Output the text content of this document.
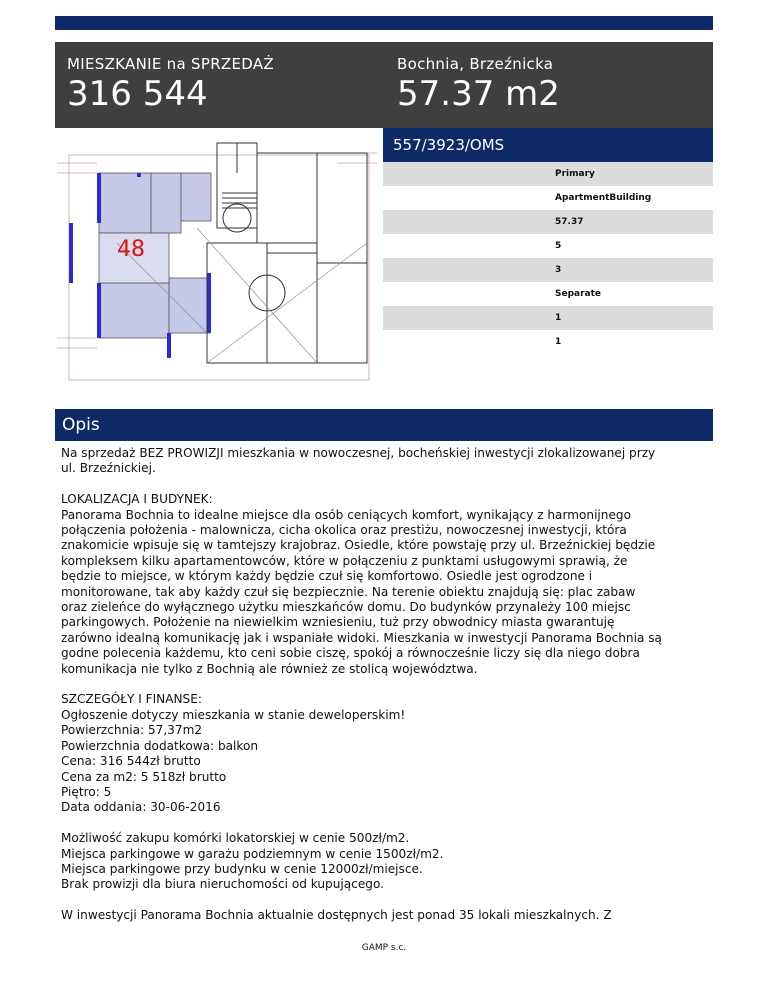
MIESZKANIE na SPRZEDAŻ
316 544
Bochnia, Brzeźnicka
57.37 m2
557/3923/OMS
48
Primary
ApartmentBuilding
57.37
5
3
Separate
1
1
Opis

Na sprzedaż BEZ PROWIZJI mieszkania w nowoczesnej, bocheńskiej inwestycji zlokalizowanej przy
ul. Brzeźnickiej.

LOKALIZACJA I BUDYNEK:
Panorama Bochnia to idealne miejsce dla osób ceniących komfort, wynikający z harmonijnego
połączenia położenia - malownicza, cicha okolica oraz prestiżu, nowoczesnej inwestycji, która
znakomicie wpisuje się w tamtejszy krajobraz. Osiedle, które powstaję przy ul. Brzeźnickiej będzie
kompleksem kilku apartamentowców, które w połączeniu z punktami usługowymi sprawią, że
będzie to miejsce, w którym każdy będzie czuł się komfortowo. Osiedle jest ogrodzone i
monitorowane, tak aby każdy czuł się bezpiecznie. Na terenie obiektu znajdują się: plac zabaw
oraz zieleńce do wyłącznego użytku mieszkańców domu. Do budynków przynależy 100 miejsc
parkingowych. Położenie na niewielkim wzniesieniu, tuż przy obwodnicy miasta gwarantuję
zarówno idealną komunikację jak i wspaniałe widoki. Mieszkania w inwestycji Panorama Bochnia są
godne polecenia każdemu, kto ceni sobie ciszę, spokój a równocześnie liczy się dla niego dobra
komunikacja nie tylko z Bochnią ale również ze stolicą województwa.

SZCZEGÓŁY I FINANSE:
Ogłoszenie dotyczy mieszkania w stanie deweloperskim!
Powierzchnia: 57,37m2
Powierzchnia dodatkowa: balkon
Cena: 316 544zł brutto
Cena za m2: 5 518zł brutto
Piętro: 5
Data oddania: 30-06-2016

Możliwość zakupu komórki lokatorskiej w cenie 500zł/m2.
Miejsca parkingowe w garażu podziemnym w cenie 1500zł/m2.
Miejsca parkingowe przy budynku w cenie 12000zł/miejsce.
Brak prowizji dla biura nieruchomości od kupującego.

W inwestycji Panorama Bochnia aktualnie dostępnych jest ponad 35 lokali mieszkalnych. Z

GAMP s.c.
